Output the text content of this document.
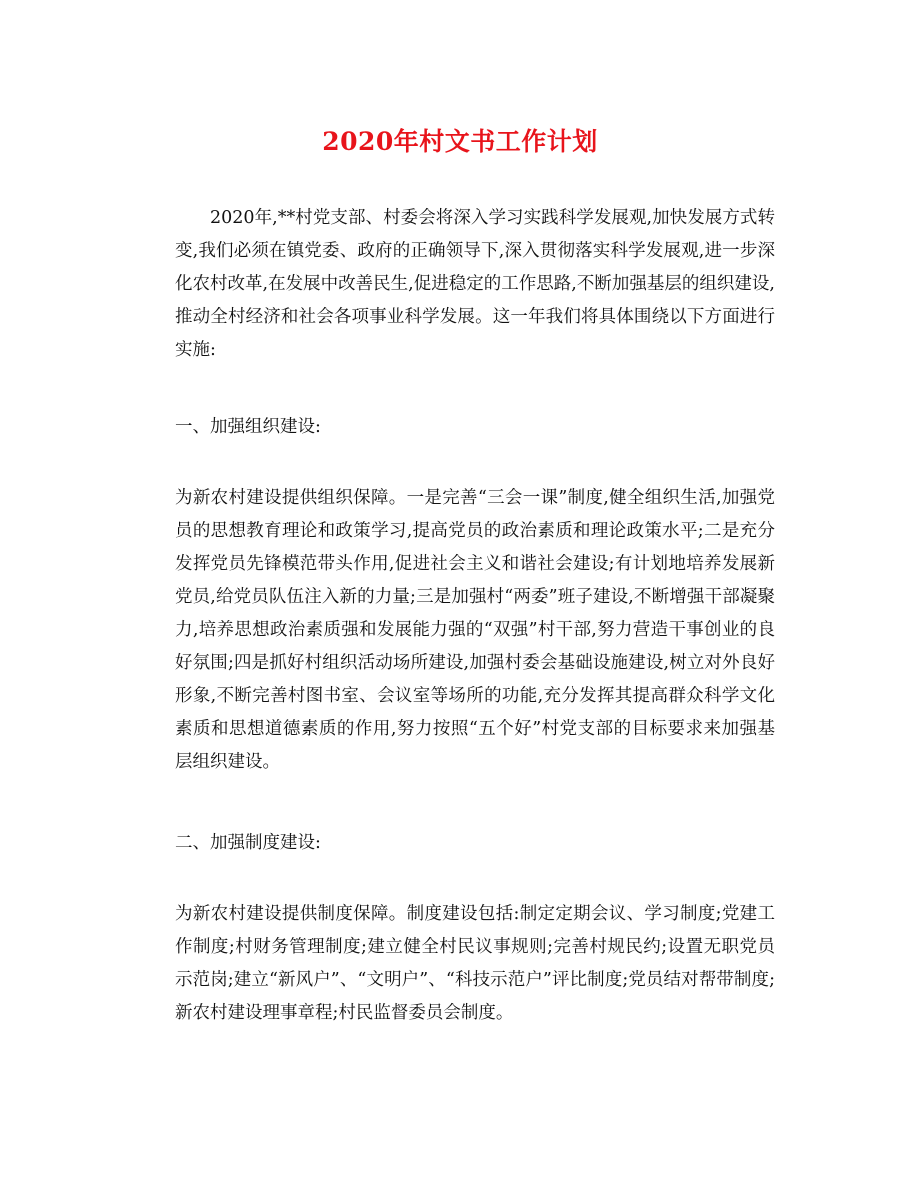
2020年村文书工作计划

2020年,**村党支部、村委会将深入学习实践科学发展观,加快发展方式转变,我们必须在镇党委、政府的正确领导下,深入贯彻落实科学发展观,进一步深化农村改革,在发展中改善民生,促进稳定的工作思路,不断加强基层的组织建设,推动全村经济和社会各项事业科学发展。这一年我们将具体围绕以下方面进行实施:

一、加强组织建设:

为新农村建设提供组织保障。一是完善“三会一课”制度,健全组织生活,加强党员的思想教育理论和政策学习,提高党员的政治素质和理论政策水平;二是充分发挥党员先锋模范带头作用,促进社会主义和谐社会建设;有计划地培养发展新党员,给党员队伍注入新的力量;三是加强村“两委”班子建设,不断增强干部凝聚力,培养思想政治素质强和发展能力强的“双强”村干部,努力营造干事创业的良好氛围;四是抓好村组织活动场所建设,加强村委会基础设施建设,树立对外良好形象,不断完善村图书室、会议室等场所的功能,充分发挥其提高群众科学文化素质和思想道德素质的作用,努力按照“五个好”村党支部的目标要求来加强基层组织建设。

二、加强制度建设:

为新农村建设提供制度保障。制度建设包括:制定定期会议、学习制度;党建工作制度;村财务管理制度;建立健全村民议事规则;完善村规民约;设置无职党员示范岗;建立“新风户”、“文明户”、“科技示范户”评比制度;党员结对帮带制度;新农村建设理事章程;村民监督委员会制度。
